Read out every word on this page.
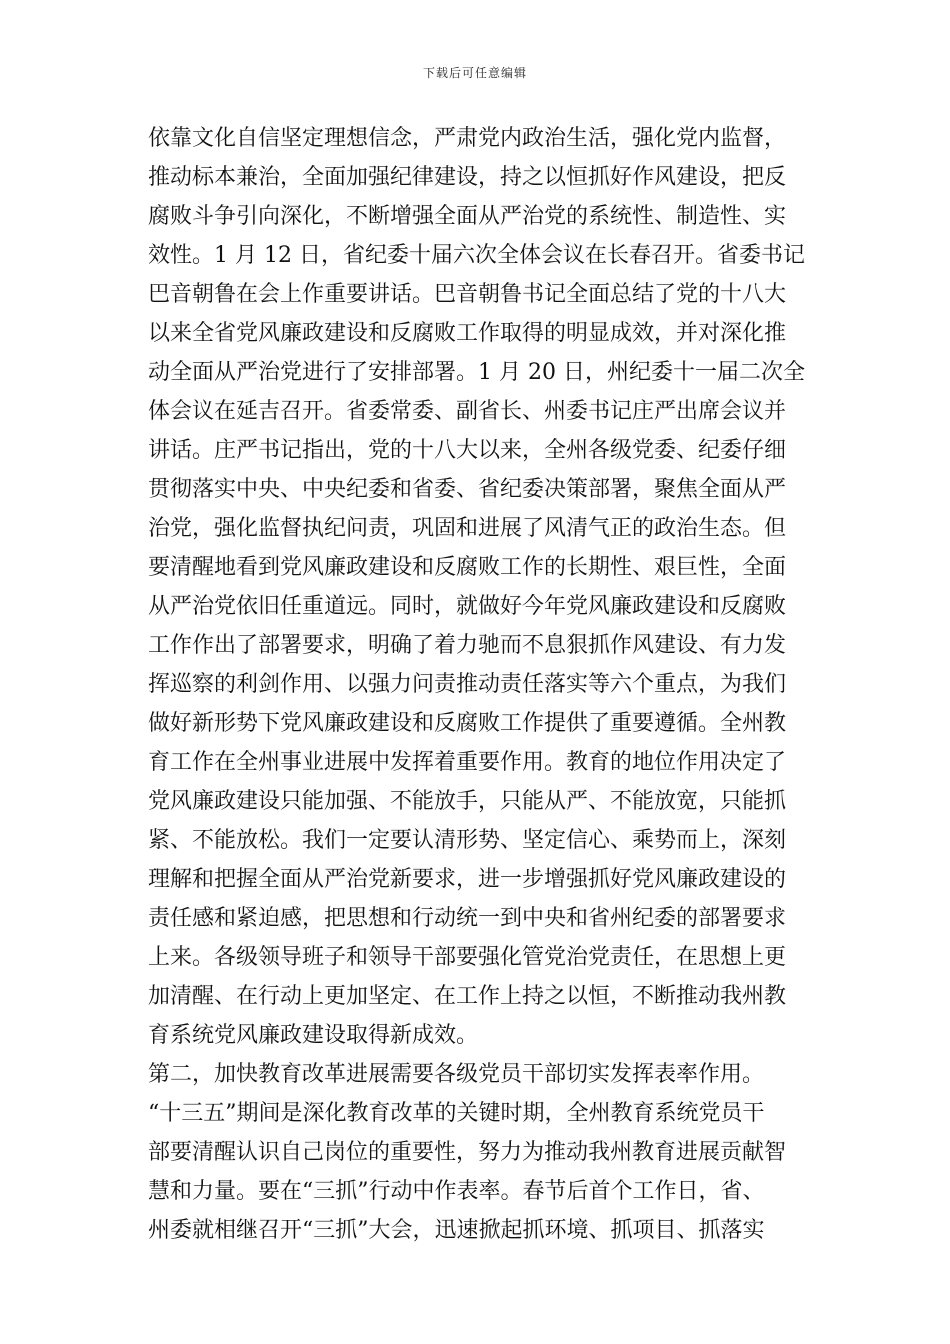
下载后可任意编辑
依靠文化自信坚定理想信念，严肃党内政治生活，强化党内监督，
推动标本兼治，全面加强纪律建设，持之以恒抓好作风建设，把反
腐败斗争引向深化，不断增强全面从严治党的系统性、制造性、实
效性。1 月 12 日，省纪委十届六次全体会议在长春召开。省委书记
巴音朝鲁在会上作重要讲话。巴音朝鲁书记全面总结了党的十八大
以来全省党风廉政建设和反腐败工作取得的明显成效，并对深化推
动全面从严治党进行了安排部署。1 月 20 日，州纪委十一届二次全
体会议在延吉召开。省委常委、副省长、州委书记庄严出席会议并
讲话。庄严书记指出，党的十八大以来，全州各级党委、纪委仔细
贯彻落实中央、中央纪委和省委、省纪委决策部署，聚焦全面从严
治党，强化监督执纪问责，巩固和进展了风清气正的政治生态。但
要清醒地看到党风廉政建设和反腐败工作的长期性、艰巨性，全面
从严治党依旧任重道远。同时，就做好今年党风廉政建设和反腐败
工作作出了部署要求，明确了着力驰而不息狠抓作风建设、有力发
挥巡察的利剑作用、以强力问责推动责任落实等六个重点，为我们
做好新形势下党风廉政建设和反腐败工作提供了重要遵循。全州教
育工作在全州事业进展中发挥着重要作用。教育的地位作用决定了
党风廉政建设只能加强、不能放手，只能从严、不能放宽，只能抓
紧、不能放松。我们一定要认清形势、坚定信心、乘势而上，深刻
理解和把握全面从严治党新要求，进一步增强抓好党风廉政建设的
责任感和紧迫感，把思想和行动统一到中央和省州纪委的部署要求
上来。各级领导班子和领导干部要强化管党治党责任，在思想上更
加清醒、在行动上更加坚定、在工作上持之以恒，不断推动我州教
育系统党风廉政建设取得新成效。
第二，加快教育改革进展需要各级党员干部切实发挥表率作用。
“十三五”期间是深化教育改革的关键时期，全州教育系统党员干
部要清醒认识自己岗位的重要性，努力为推动我州教育进展贡献智
慧和力量。要在“三抓”行动中作表率。春节后首个工作日，省、
州委就相继召开“三抓”大会，迅速掀起抓环境、抓项目、抓落实
